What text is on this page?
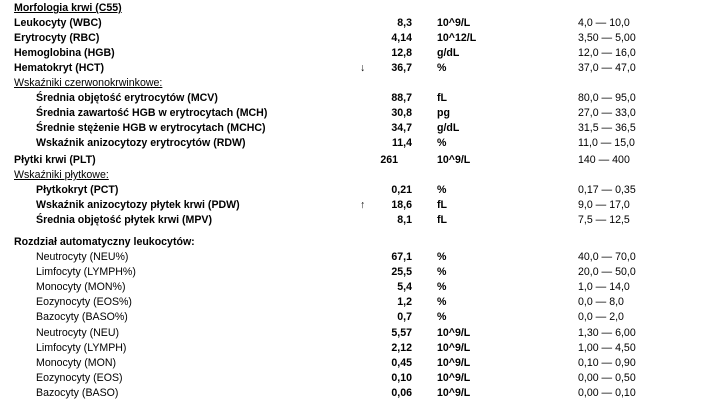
Morfologia krwi (C55)
Leukocyty (WBC)	8,3 10^9/L	4,0 — 10,0
Erytrocyty (RBC)	4,14 10^12/L	3,50 — 5,00
Hemoglobina (HGB)	12,8 g/dL	12,0 — 16,0
Hematokryt (HCT)	↓	36,7 %	37,0 — 47,0
Wskaźniki czerwonokrwinkowe:
Średnia objętość erytrocytów (MCV)	88,7 fL	80,0 — 95,0
Średnia zawartość HGB w erytrocytach (MCH)	30,8 pg	27,0 — 33,0
Średnie stężenie HGB w erytrocytach (MCHC)	34,7 g/dL	31,5 — 36,5
Wskaźnik anizocytozy erytrocytów (RDW)	11,4 %	11,0 — 15,0
Płytki krwi (PLT)	261	10^9/L	140 — 400
Wskaźniki płytkowe:
Płytkokryt (PCT)	0,21 %	0,17 — 0,35
Wskaźnik anizocytozy płytek krwi (PDW)	↑	18,6 fL	9,0 — 17,0
Średnia objętość płytek krwi (MPV)	8,1 fL	7,5 — 12,5
Rozdział automatyczny leukocytów:
Neutrocyty (NEU%)	67,1 %	40,0 — 70,0
Limfocyty (LYMPH%)	25,5 %	20,0 — 50,0
Monocyty (MON%)	5,4 %	1,0 — 14,0
Eozynocyty (EOS%)	1,2 %	0,0 — 8,0
Bazocyty (BASO%)	0,7 %	0,0 — 2,0
Neutrocyty (NEU)	5,57 10^9/L	1,30 — 6,00
Limfocyty (LYMPH)	2,12 10^9/L	1,00 — 4,50
Monocyty (MON)	0,45 10^9/L	0,10 — 0,90
Eozynocyty (EOS)	0,10 10^9/L	0,00 — 0,50
Bazocyty (BASO)	0,06 10^9/L	0,00 — 0,10
